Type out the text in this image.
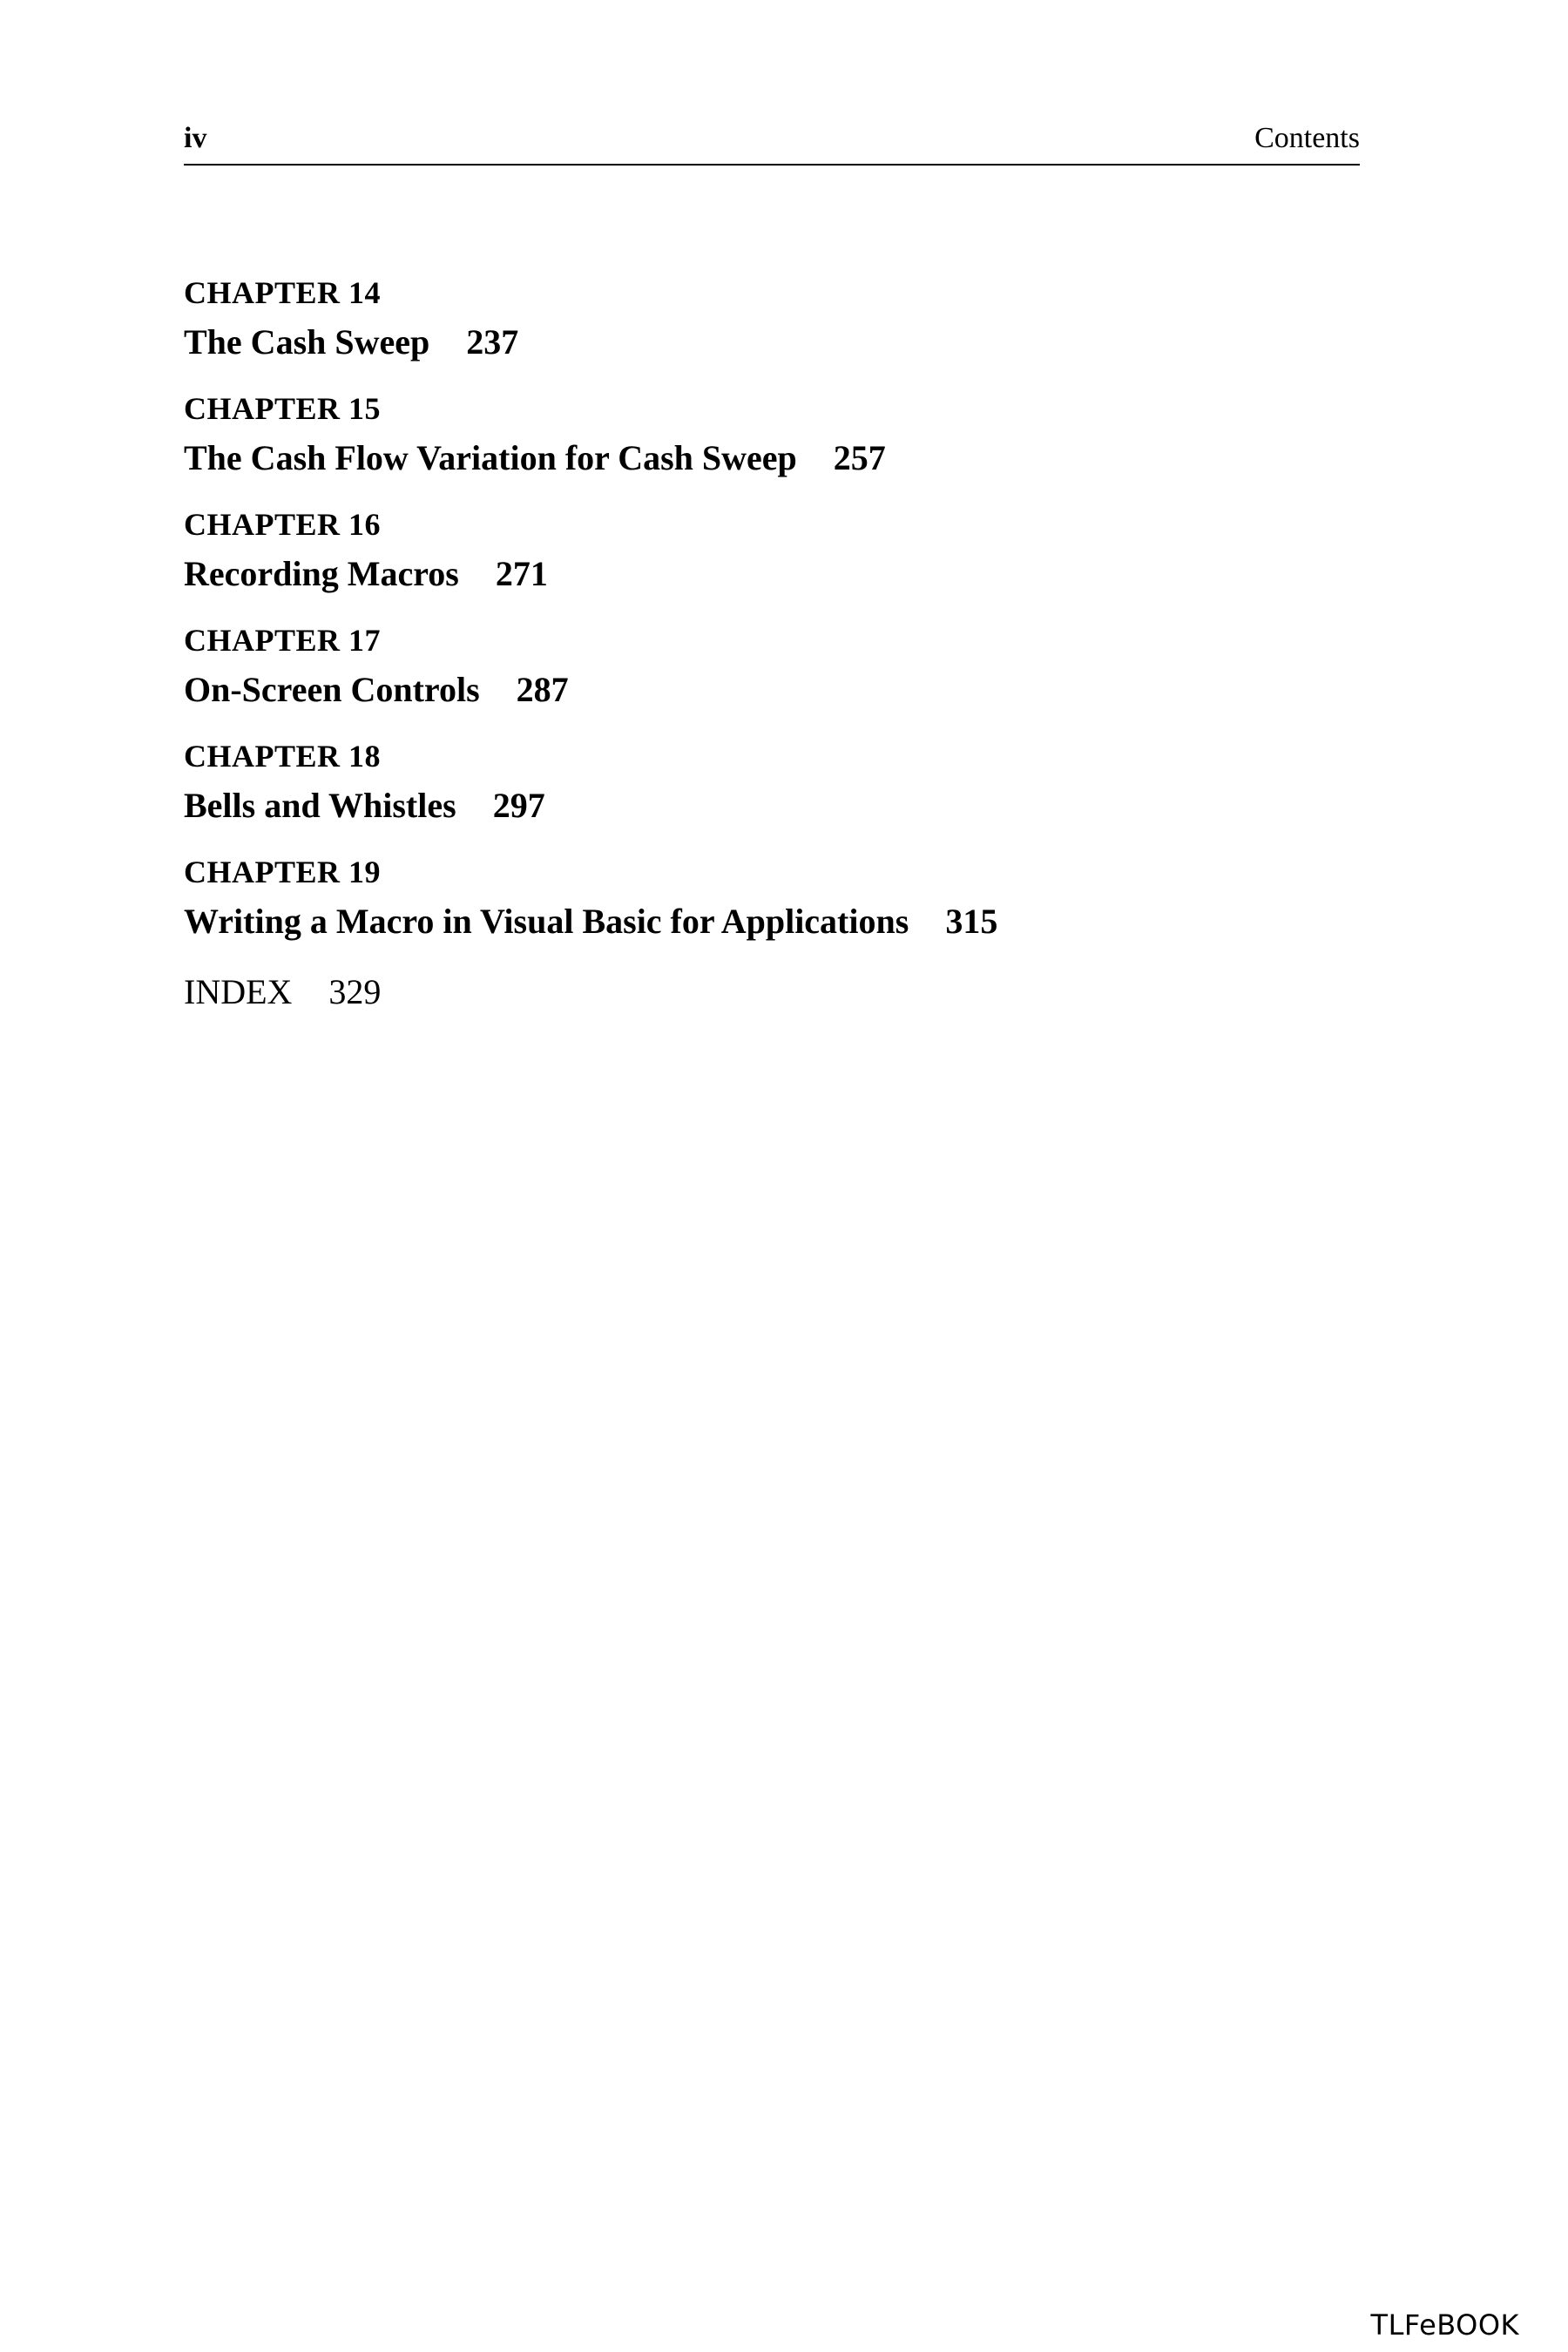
iv	Contents
CHAPTER 14
The Cash Sweep 237
CHAPTER 15
The Cash Flow Variation for Cash Sweep 257
CHAPTER 16
Recording Macros 271
CHAPTER 17
On-Screen Controls 287
CHAPTER 18
Bells and Whistles 297
CHAPTER 19
Writing a Macro in Visual Basic for Applications 315
INDEX 329
TLFeBOOK
